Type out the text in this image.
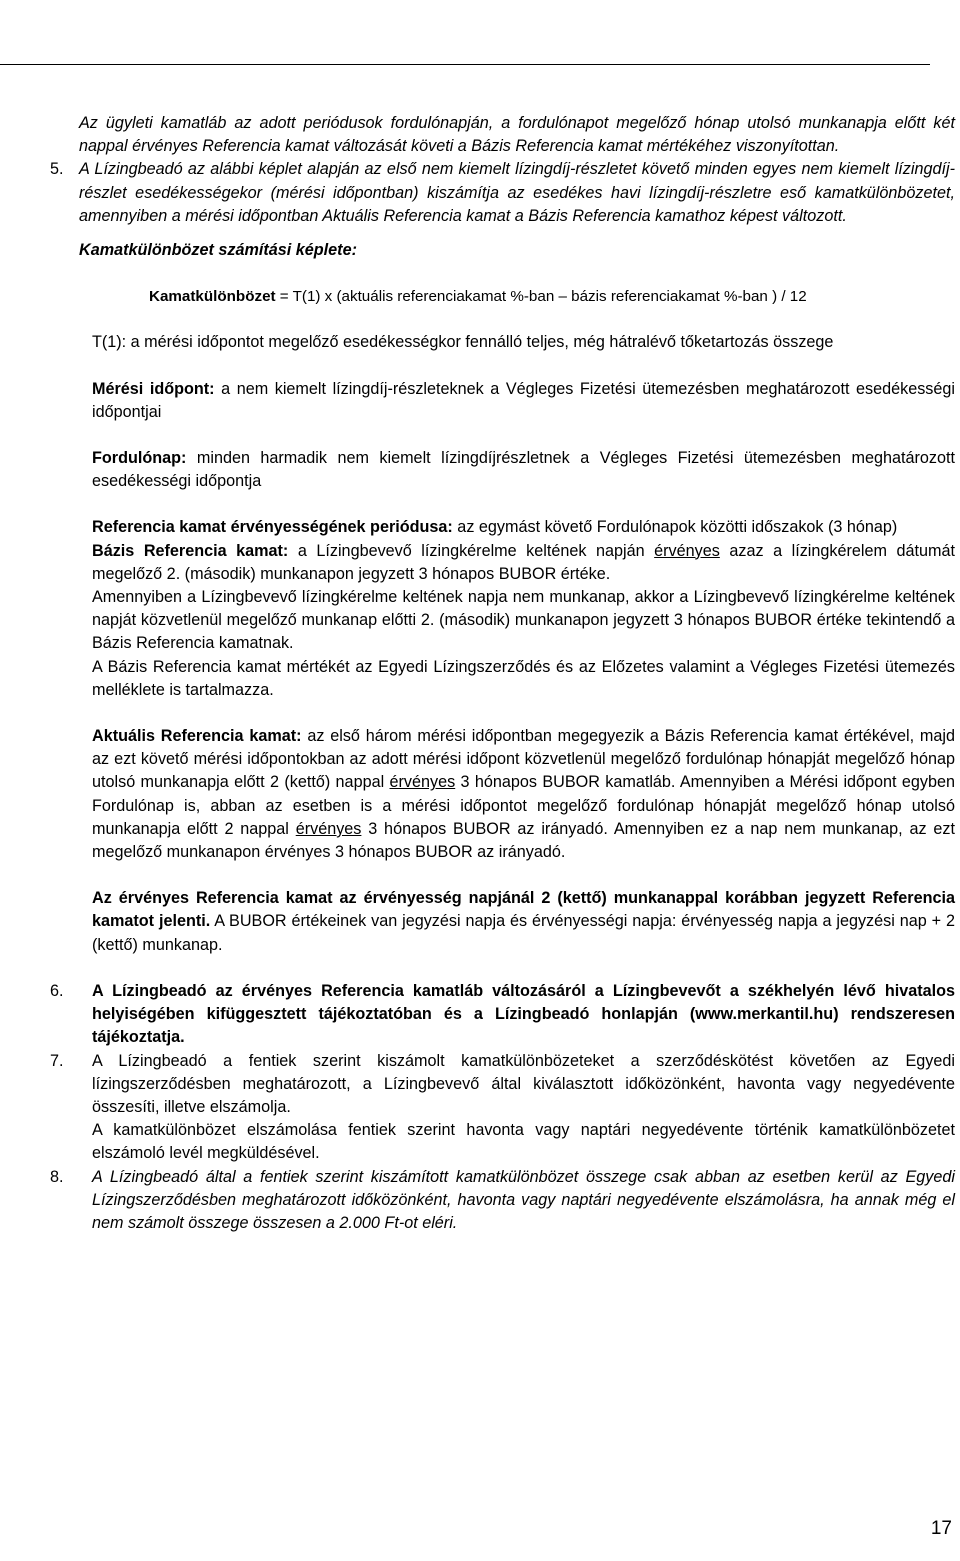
Gépjármű zártvégű pénzügyi lízing	2015. február 01.
Merkantil Bank Zrt.

Az ügyleti kamatláb az adott periódusok fordulónapján, a fordulónapot megelőző hónap utolsó munkanapja előtt két nappal érvényes Referencia kamat változását követi a Bázis Referencia kamat mértékéhez viszonyítottan.

5. A Lízingbeadó az alábbi képlet alapján az első nem kiemelt lízingdíj-részletet követő minden egyes nem kiemelt lízingdíj-részlet esedékességekor (mérési időpontban) kiszámítja az esedékes havi lízingdíj-részletre eső kamatkülönbözetet, amennyiben a mérési időpontban Aktuális Referencia kamat a Bázis Referencia kamathoz képest változott.

Kamatkülönbözet számítási képlete:

Kamatkülönbözet = T(1) x (aktuális referenciakamat %-ban – bázis referenciakamat %-ban ) / 12

T(1): a mérési időpontot megelőző esedékességkor fennálló teljes, még hátralévő tőketartozás összege

Mérési időpont: a nem kiemelt lízingdíj-részleteknek a Végleges Fizetési ütemezésben meghatározott esedékességi időpontjai

Fordulónap: minden harmadik nem kiemelt lízingdíjrészletnek a Végleges Fizetési ütemezésben meghatározott esedékességi időpontja

Referencia kamat érvényességének periódusa: az egymást követő Fordulónapok közötti időszakok (3 hónap)

Bázis Referencia kamat: a Lízingbevevő lízingkérelme keltének napján érvényes azaz a lízingkérelem dátumát megelőző 2. (második) munkanapon jegyzett 3 hónapos BUBOR értéke.

Amennyiben a Lízingbevevő lízingkérelme keltének napja nem munkanap, akkor a Lízingbevevő lízingkérelme keltének napját közvetlenül megelőző munkanap előtti 2. (második) munkanapon jegyzett 3 hónapos BUBOR értéke tekintendő a Bázis Referencia kamatnak.

A Bázis Referencia kamat mértékét az Egyedi Lízingszerződés és az Előzetes valamint a Végleges Fizetési ütemezés melléklete is tartalmazza.

Aktuális Referencia kamat: az első három mérési időpontban megegyezik a Bázis Referencia kamat értékével, majd az ezt követő mérési időpontokban az adott mérési időpont közvetlenül megelőző fordulónap hónapját megelőző hónap utolsó munkanapja előtt 2 (kettő) nappal érvényes 3 hónapos BUBOR kamatláb. Amennyiben a Mérési időpont egyben Fordulónap is, abban az esetben is a mérési időpontot megelőző fordulónap hónapját megelőző hónap utolsó munkanapja előtt 2 nappal érvényes 3 hónapos BUBOR az irányadó. Amennyiben ez a nap nem munkanap, az ezt megelőző munkanapon érvényes 3 hónapos BUBOR az irányadó.

Az érvényes Referencia kamat az érvényesség napjánál 2 (kettő) munkanappal korábban jegyzett Referencia kamatot jelenti. A BUBOR értékeinek van jegyzési napja és érvényességi napja: érvényesség napja a jegyzési nap + 2 (kettő) munkanap.

6. A Lízingbeadó az érvényes Referencia kamatláb változásáról a Lízingbevevőt a székhelyén lévő hivatalos helyiségében kifüggesztett tájékoztatóban és a Lízingbeadó honlapján (www.merkantil.hu) rendszeresen tájékoztatja.

7. A Lízingbeadó a fentiek szerint kiszámolt kamatkülönbözeteket a szerződéskötést követően az Egyedi lízingszerződésben meghatározott, a Lízingbevevő által kiválasztott időközönként, havonta vagy negyedévente összesíti, illetve elszámolja.

A kamatkülönbözet elszámolása fentiek szerint havonta vagy naptári negyedévente történik kamatkülönbözetet elszámoló levél megküldésével.

8. A Lízingbeadó által a fentiek szerint kiszámított kamatkülönbözet összege csak abban az esetben kerül az Egyedi Lízingszerződésben meghatározott időközönként, havonta vagy naptári negyedévente elszámolásra, ha annak még el nem számolt összege összesen a 2.000 Ft-ot eléri.

17
